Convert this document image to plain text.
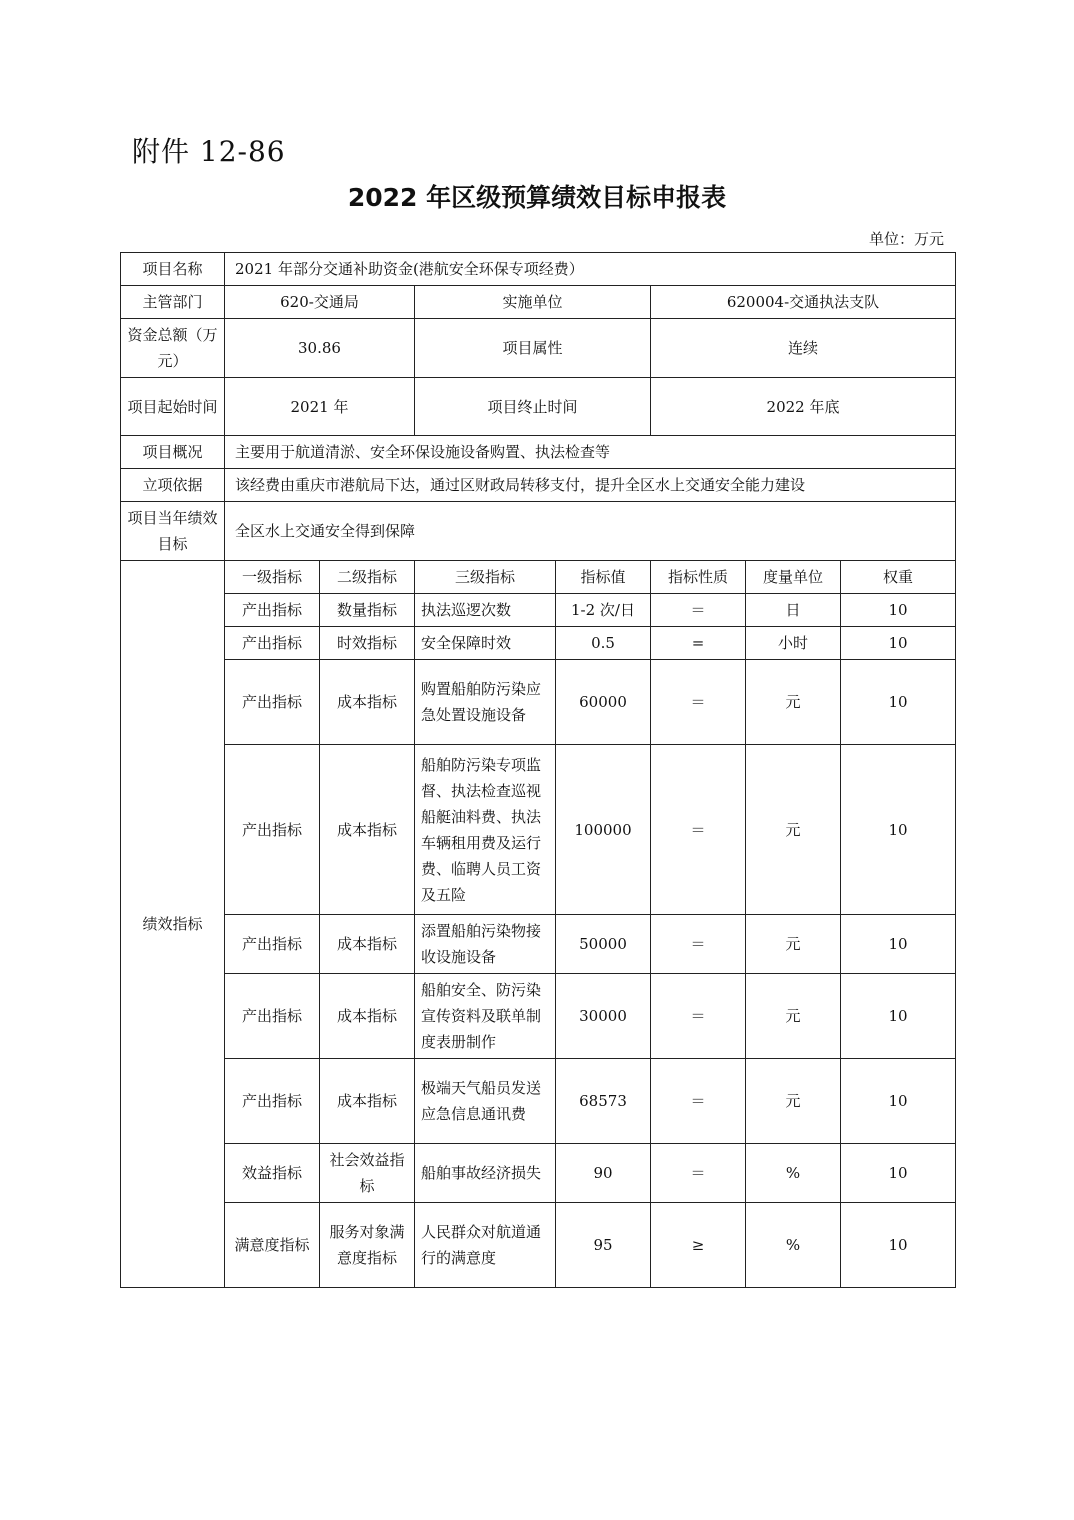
附件 12-86
2022 年区级预算绩效目标申报表
单位：万元
项目名称	2021 年部分交通补助资金(港航安全环保专项经费）						
主管部门	620-交通局		实施单位		620004-交通执法支队		
资金总额（万元）	30.86		项目属性		连续		
项目起始时间	2021 年		项目终止时间		2022 年底		
项目概况	主要用于航道清淤、安全环保设施设备购置、执法检查等						
立项依据	该经费由重庆市港航局下达，通过区财政局转移支付，提升全区水上交通安全能力建设						
项目当年绩效目标	全区水上交通安全得到保障						
绩效指标	一级指标	二级指标	三级指标	指标值	指标性质	度量单位	权重
	产出指标	数量指标	执法巡逻次数	1-2 次/日	＝	日	10
	产出指标	时效指标	安全保障时效	0.5	=	小时	10
	产出指标	成本指标	购置船舶防污染应急处置设施设备	60000	＝	元	10
	产出指标	成本指标	船舶防污染专项监督、执法检查巡视船艇油料费、执法车辆租用费及运行费、临聘人员工资及五险	100000	＝	元	10
	产出指标	成本指标	添置船舶污染物接收设施设备	50000	＝	元	10
	产出指标	成本指标	船舶安全、防污染宣传资料及联单制度表册制作	30000	＝	元	10
	产出指标	成本指标	极端天气船员发送应急信息通讯费	68573	＝	元	10
	效益指标	社会效益指标	船舶事故经济损失	90	＝	%	10
	满意度指标	服务对象满意度指标	人民群众对航道通行的满意度	95	≥	%	10
